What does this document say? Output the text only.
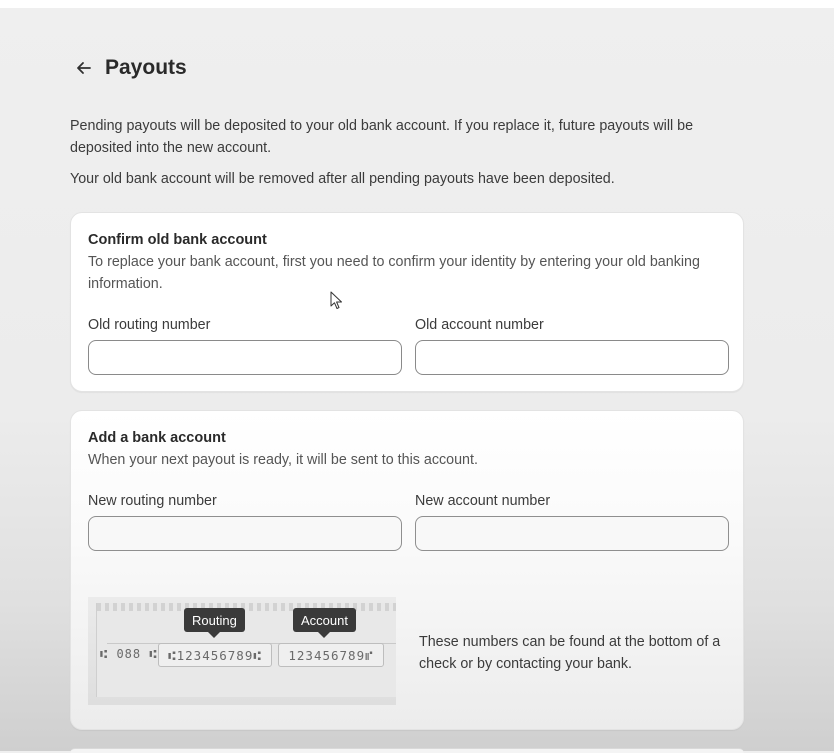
Payouts
Pending payouts will be deposited to your old bank account. If you replace it, future payouts will be deposited into the new account.
Your old bank account will be removed after all pending payouts have been deposited.
Confirm old bank account
To replace your bank account, first you need to confirm your identity by entering your old banking information.
Old routing number	Old account number
Add a bank account
When your next payout is ready, it will be sent to this account.
New routing number	New account number
Routing	Account
⑆ 088 ⑆ ⑆ 123456789 ⑆ 123456789 ⑈
These numbers can be found at the bottom of a check or by contacting your bank.
